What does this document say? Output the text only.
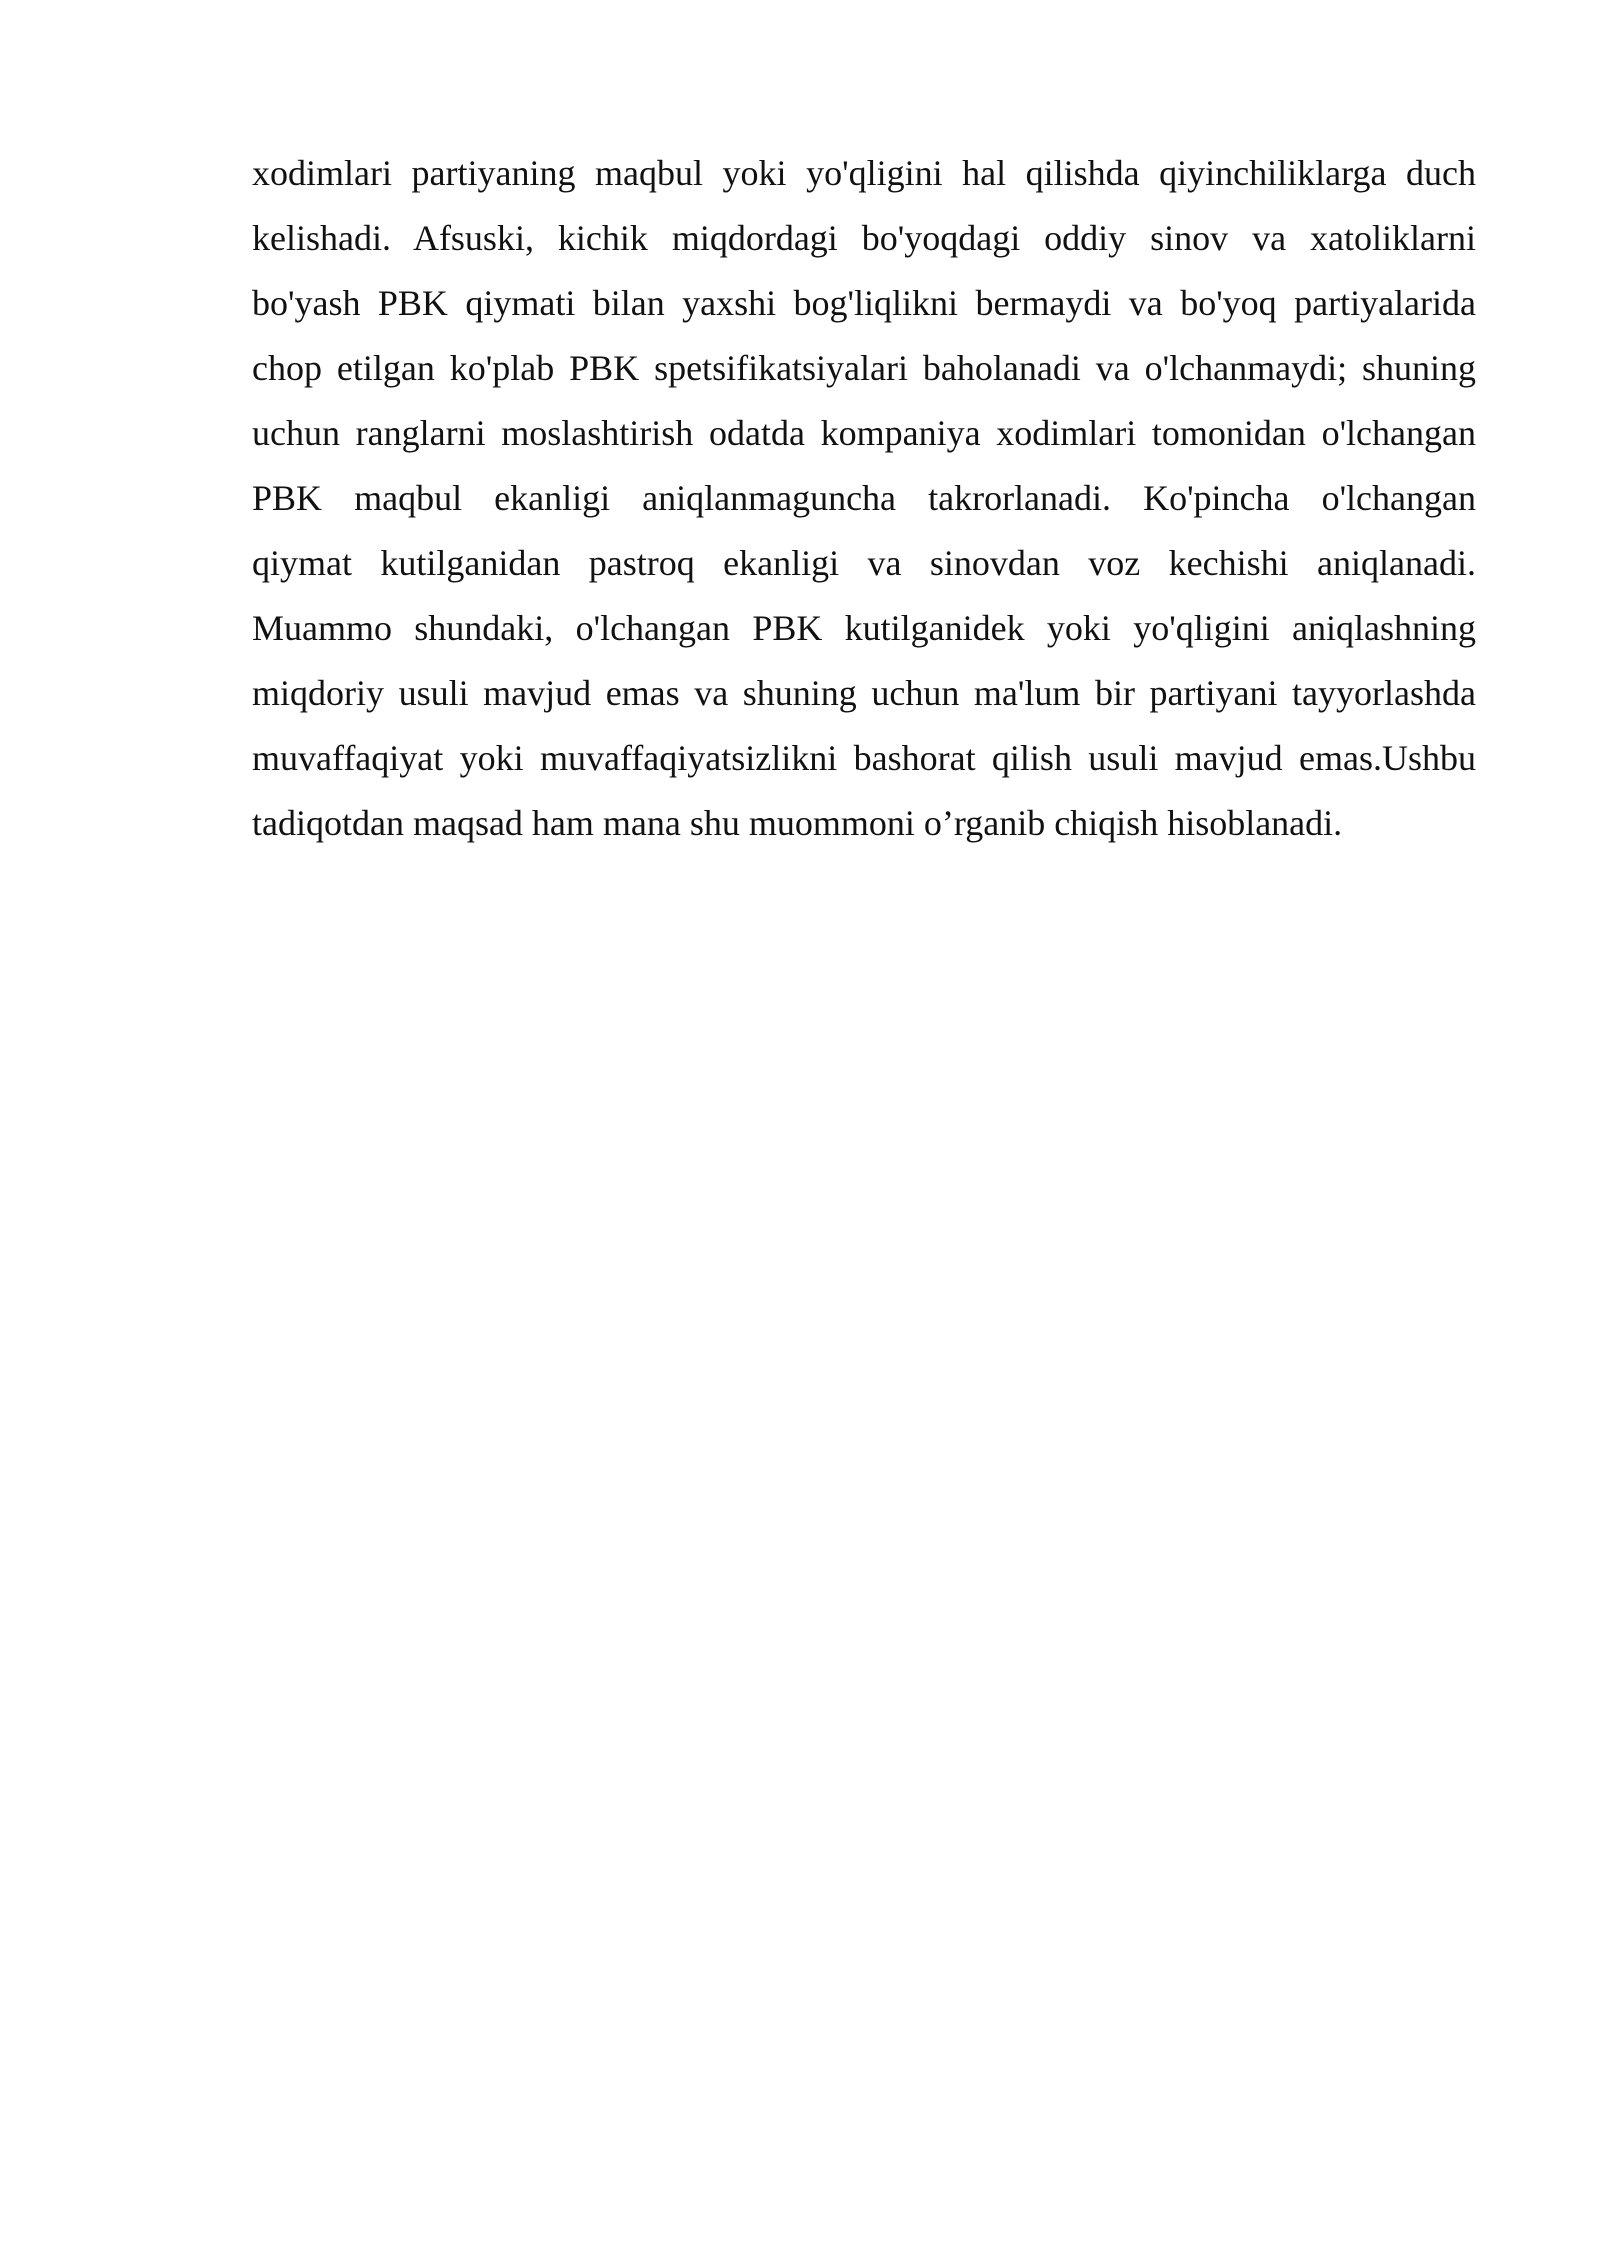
xodimlari partiyaning maqbul yoki yo'qligini hal qilishda qiyinchiliklarga duch
kelishadi. Afsuski, kichik miqdordagi bo'yoqdagi oddiy sinov va xatoliklarni
bo'yash PBK qiymati bilan yaxshi bog'liqlikni bermaydi va bo'yoq partiyalarida
chop etilgan ko'plab PBK spetsifikatsiyalari baholanadi va o'lchanmaydi; shuning
uchun ranglarni moslashtirish odatda kompaniya xodimlari tomonidan o'lchangan
PBK maqbul ekanligi aniqlanmaguncha takrorlanadi. Ko'pincha o'lchangan
qiymat kutilganidan pastroq ekanligi va sinovdan voz kechishi aniqlanadi.
Muammo shundaki, o'lchangan PBK kutilganidek yoki yo'qligini aniqlashning
miqdoriy usuli mavjud emas va shuning uchun ma'lum bir partiyani tayyorlashda
muvaffaqiyat yoki muvaffaqiyatsizlikni bashorat qilish usuli mavjud emas.Ushbu
tadiqotdan maqsad ham mana shu muommoni o’rganib chiqish hisoblanadi.
